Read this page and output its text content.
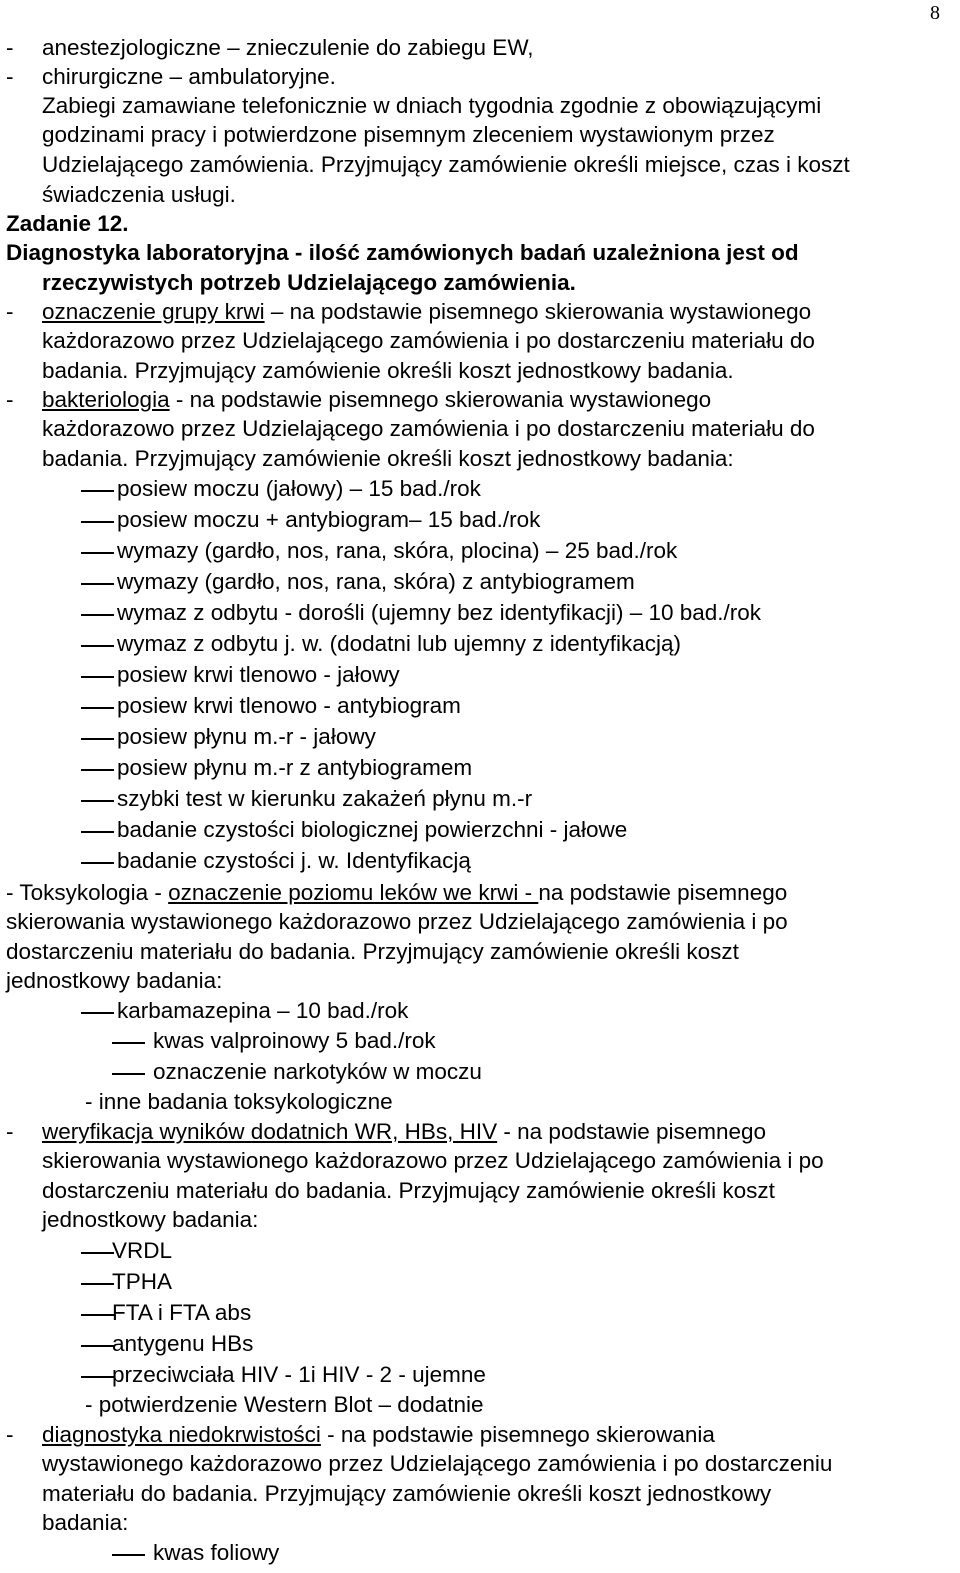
8
- anestezjologiczne – znieczulenie do zabiegu EW,
- chirurgiczne – ambulatoryjne.
Zabiegi zamawiane telefonicznie w dniach tygodnia zgodnie z obowiązującymi
godzinami pracy i potwierdzone pisemnym zleceniem wystawionym przez
Udzielającego zamówienia. Przyjmujący zamówienie określi miejsce, czas i koszt
świadczenia usługi.
Zadanie 12.
Diagnostyka laboratoryjna - ilość zamówionych badań uzależniona jest od
rzeczywistych potrzeb Udzielającego zamówienia.
- oznaczenie grupy krwi – na podstawie pisemnego skierowania wystawionego
każdorazowo przez Udzielającego zamówienia i po dostarczeniu materiału do
badania. Przyjmujący zamówienie określi koszt jednostkowy badania.
- bakteriologia - na podstawie pisemnego skierowania wystawionego
każdorazowo przez Udzielającego zamówienia i po dostarczeniu materiału do
badania. Przyjmujący zamówienie określi koszt jednostkowy badania:
posiew moczu (jałowy) – 15 bad./rok
posiew moczu + antybiogram– 15 bad./rok
wymazy (gardło, nos, rana, skóra, plocina) – 25 bad./rok
wymazy (gardło, nos, rana, skóra) z antybiogramem
wymaz z odbytu - dorośli (ujemny bez identyfikacji) – 10 bad./rok
wymaz z odbytu j. w. (dodatni lub ujemny z identyfikacją)
posiew krwi tlenowo - jałowy
posiew krwi tlenowo - antybiogram
posiew płynu m.-r - jałowy
posiew płynu m.-r z antybiogramem
szybki test w kierunku zakażeń płynu m.-r
badanie czystości biologicznej powierzchni - jałowe
badanie czystości j. w. Identyfikacją
- Toksykologia - oznaczenie poziomu leków we krwi - na podstawie pisemnego
skierowania wystawionego każdorazowo przez Udzielającego zamówienia i po
dostarczeniu materiału do badania. Przyjmujący zamówienie określi koszt
jednostkowy badania:
karbamazepina – 10 bad./rok
kwas valproinowy 5 bad./rok
oznaczenie narkotyków w moczu
- inne badania toksykologiczne
- weryfikacja wyników dodatnich WR, HBs, HIV - na podstawie pisemnego
skierowania wystawionego każdorazowo przez Udzielającego zamówienia i po
dostarczeniu materiału do badania. Przyjmujący zamówienie określi koszt
jednostkowy badania:
VRDL
TPHA
FTA i FTA abs
antygenu HBs
przeciwciała HIV - 1i HIV - 2 - ujemne
- potwierdzenie Western Blot – dodatnie
- diagnostyka niedokrwistości - na podstawie pisemnego skierowania
wystawionego każdorazowo przez Udzielającego zamówienia i po dostarczeniu
materiału do badania. Przyjmujący zamówienie określi koszt jednostkowy
badania:
kwas foliowy
